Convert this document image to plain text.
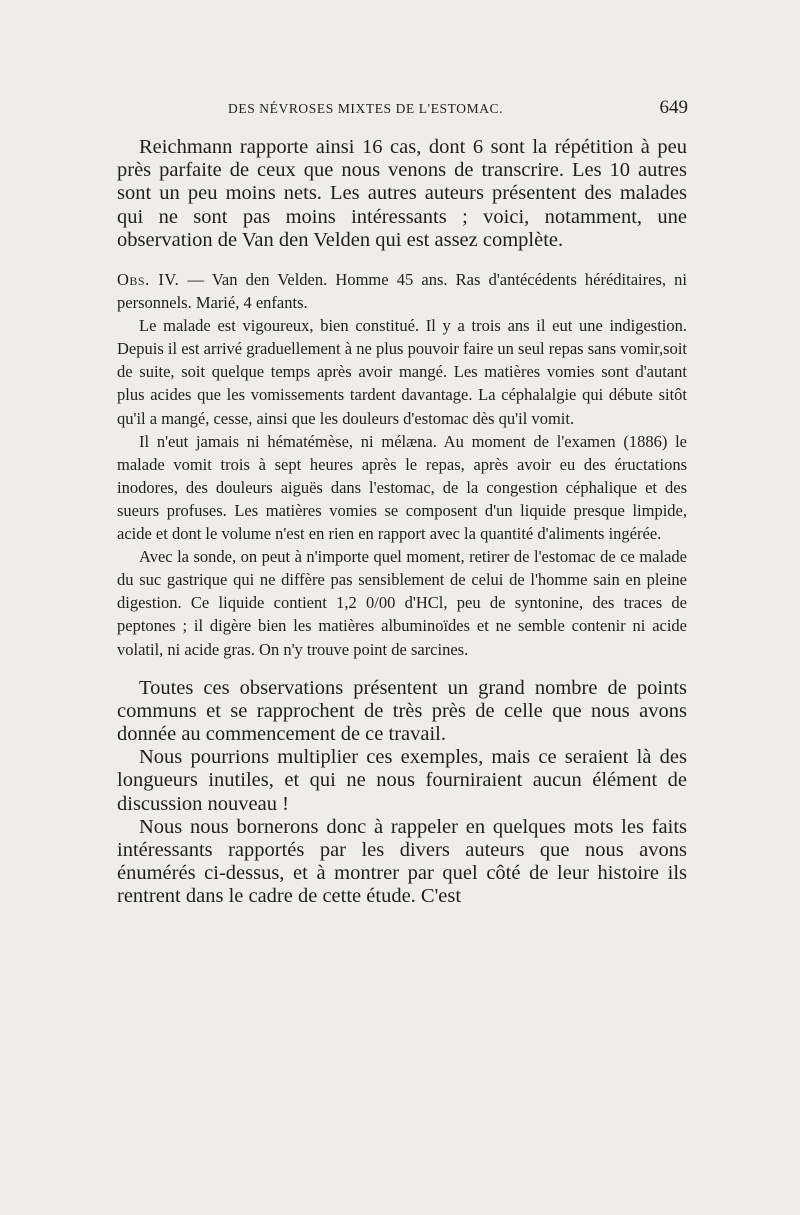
DES NÉVROSES MIXTES DE L'ESTOMAC.	649

Reichmann rapporte ainsi 16 cas, dont 6 sont la répétition à peu près parfaite de ceux que nous venons de transcrire. Les 10 autres sont un peu moins nets. Les autres auteurs présentent des malades qui ne sont pas moins intéressants ; voici, notamment, une observation de Van den Velden qui est assez complète.

Obs. IV. — Van den Velden. Homme 45 ans. Ras d'antécédents héréditaires, ni personnels. Marié, 4 enfants.

Le malade est vigoureux, bien constitué. Il y a trois ans il eut une indigestion. Depuis il est arrivé graduellement à ne plus pouvoir faire un seul repas sans vomir,soit de suite, soit quelque temps après avoir mangé. Les matières vomies sont d'autant plus acides que les vomissements tardent davantage. La céphalalgie qui débute sitôt qu'il a mangé, cesse, ainsi que les douleurs d'estomac dès qu'il vomit.

Il n'eut jamais ni hématémèse, ni mélæna. Au moment de l'examen (1886) le malade vomit trois à sept heures après le repas, après avoir eu des éructations inodores, des douleurs aiguës dans l'estomac, de la congestion céphalique et des sueurs profuses. Les matières vomies se composent d'un liquide presque limpide, acide et dont le volume n'est en rien en rapport avec la quantité d'aliments ingérée.

Avec la sonde, on peut à n'importe quel moment, retirer de l'estomac de ce malade du suc gastrique qui ne diffère pas sensiblement de celui de l'homme sain en pleine digestion. Ce liquide contient 1,2 0/00 d'HCl, peu de syntonine, des traces de peptones ; il digère bien les matières albuminoïdes et ne semble contenir ni acide volatil, ni acide gras. On n'y trouve point de sarcines.

Toutes ces observations présentent un grand nombre de points communs et se rapprochent de très près de celle que nous avons donnée au commencement de ce travail.

Nous pourrions multiplier ces exemples, mais ce seraient là des longueurs inutiles, et qui ne nous fourniraient aucun élément de discussion nouveau !

Nous nous bornerons donc à rappeler en quelques mots les faits intéressants rapportés par les divers auteurs que nous avons énumérés ci-dessus, et à montrer par quel côté de leur histoire ils rentrent dans le cadre de cette étude. C'est
